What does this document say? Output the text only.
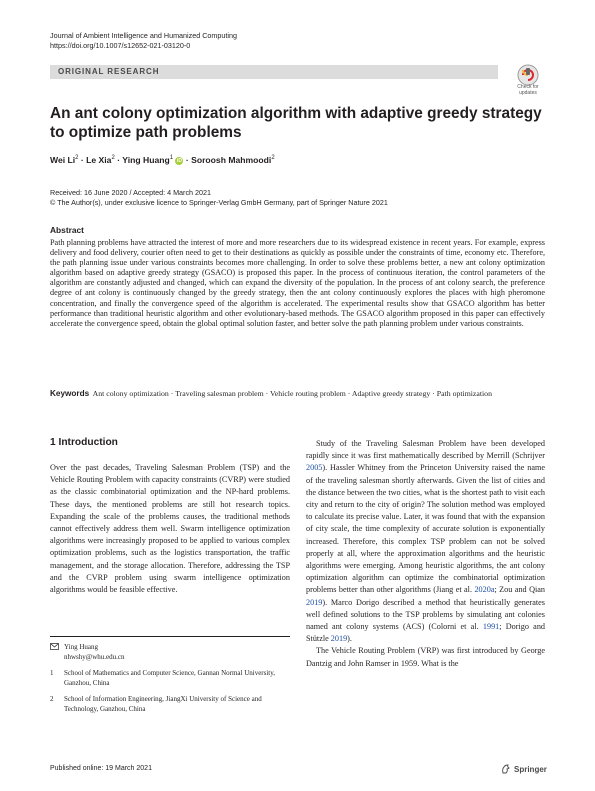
Journal of Ambient Intelligence and Humanized Computing
https://doi.org/10.1007/s12652-021-03120-0
ORIGINAL RESEARCH
Check for
updates
An ant colony optimization algorithm with adaptive greedy strategy to optimize path problems
Wei $Li^2 \cdot Le$ Xia$^2$ · Ying Huang$^1$ iD · Soroosh Mahmoodi$^2$
Received: 16 June 2020 / Accepted: 4 March 2021
© The Author(s), under exclusive licence to Springer-Verlag GmbH Germany, part of Springer Nature 2021
Abstract

Path planning problems have attracted the interest of more and more researchers due to its widespread existence in recent years. For example, express delivery and food delivery, courier often need to get to their destinations as quickly as possible under the constraints of time, economy etc. Therefore, the path planning issue under various constraints becomes more challenging. In order to solve these problems better, a new ant colony optimization algorithm based on adaptive greedy strategy (GSACO) is proposed this paper. In the process of continuous iteration, the control parameters of the algorithm are constantly adjusted and changed, which can expand the diversity of the population. In the process of ant colony search, the preference degree of ant colony is continuously changed by the greedy strategy, then the ant colony continuously explores the places with high pheromone concentration, and finally the convergence speed of the algorithm is accelerated. The experimental results show that GSACO algorithm has better performance than traditional heuristic algorithm and other evolutionary-based methods. The GSACO algorithm proposed in this paper can effectively accelerate the convergence speed, obtain the global optimal solution faster, and better solve the path planning problem under various constraints.

Keywords Ant colony optimization · Traveling salesman problem · Vehicle routing problem · Adaptive greedy strategy · Path optimization
1 Introduction

Over the past decades, Traveling Salesman Problem (TSP) and the Vehicle Routing Problem with capacity constraints (CVRP) were studied as the classic combinatorial optimization and the NP-hard problems. These days, the mentioned problems are still hot research topics. Expanding the scale of the problems causes, the traditional methods cannot effectively address them well. Swarm intelligence optimization algorithms were increasingly proposed to be applied to various complex optimization problems, such as the logistics transportation, the traffic management, and the storage allocation. Therefore, addressing the TSP and the CVRP problem using swarm intelligence optimization algorithms would be feasible effective.

Study of the Traveling Salesman Problem have been developed rapidly since it was first mathematically described by Merrill (Schrijver 2005). Hassler Whitney from the Princeton University raised the name of the traveling salesman shortly afterwards. Given the list of cities and the distance between the two cities, what is the shortest path to visit each city and return to the city of origin? The solution method was employed to calculate its precise value. Later, it was found that with the expansion of city scale, the time complexity of accurate solution is exponentially increased. Therefore, this complex TSP problem can not be solved properly at all, where the approximation algorithms and the heuristic algorithms were emerging. Among heuristic algorithms, the ant colony optimization algorithm can optimize the combinatorial optimization problems better than other algorithms (Jiang et al. 2020a; Zou and Qian 2019). Marco Dorigo described a method that heuristically generates well defined solutions to the TSP problems by simulating ant colonies named ant colony systems (ACS) (Colorni et al. 1991; Dorigo and Stützle 2019).

The Vehicle Routing Problem (VRP) was first introduced by George Dantzig and John Ramser in 1959. What is the

Ying Huang
nhwshy@whu.edu.cn
1 School of Mathematics and Computer Science, Gannan Normal University, Ganzhou, China
2 School of Information Engineering, JiangXi University of Science and Technology, Ganzhou, China
Published online: 19 March 2021	Springer
